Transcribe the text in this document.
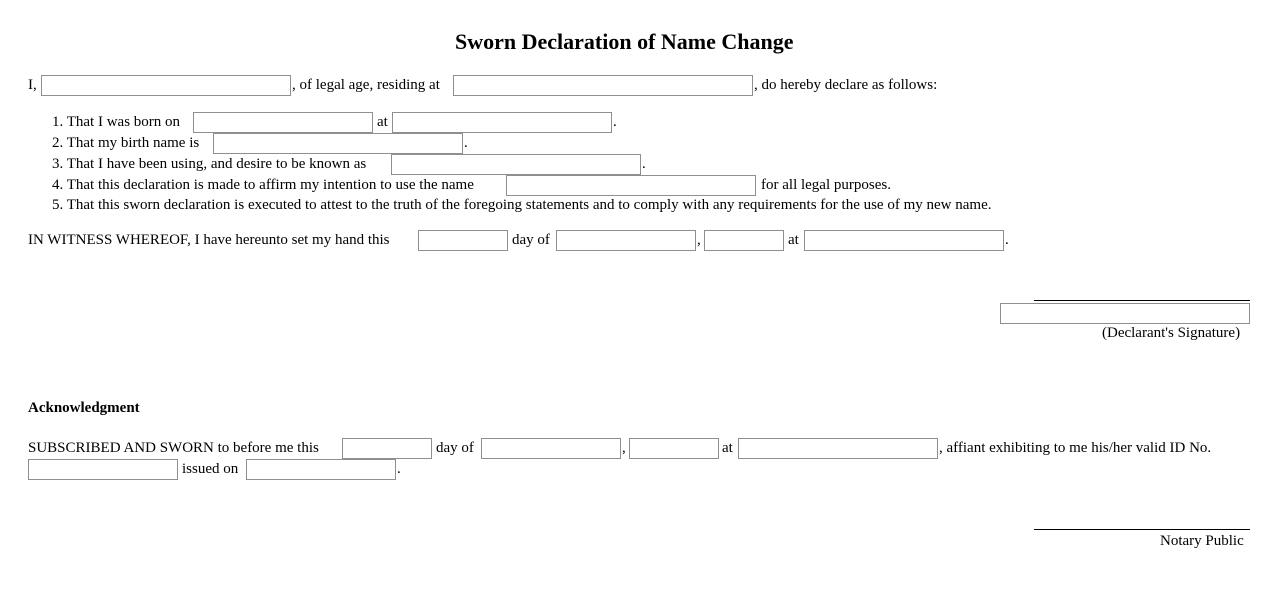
Sworn Declaration of Name Change
I,	, of legal age, residing at	, do hereby declare as follows:
1. That I was born on	at	.
2. That my birth name is	.
3. That I have been using, and desire to be known as	.
4. That this declaration is made to affirm my intention to use the name	for all legal purposes.
5. That this sworn declaration is executed to attest to the truth of the foregoing statements and to comply with any requirements for the use of my new name.
IN WITNESS WHEREOF, I have hereunto set my hand this	day of	,	at	.
(Declarant's Signature)
Acknowledgment
SUBSCRIBED AND SWORN to before me this	day of	,	at	, affiant exhibiting to me his/her valid ID No.
issued on	.
Notary Public
